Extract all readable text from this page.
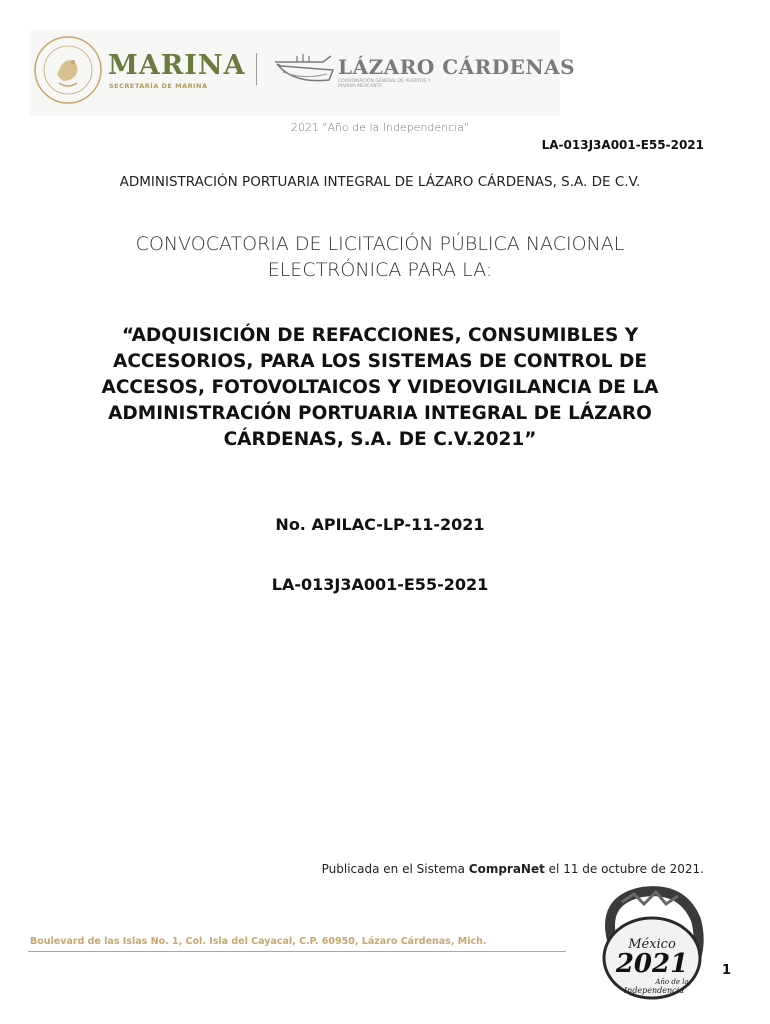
MARINA
SECRETARÍA DE MARINA
LÁZARO CÁRDENAS
COORDINACIÓN GENERAL DE PUERTOS Y MARINA MERCANTE
2021 "Año de la Independencia"
LA-013J3A001-E55-2021
ADMINISTRACIÓN PORTUARIA INTEGRAL DE LÁZARO CÁRDENAS, S.A. DE C.V.
CONVOCATORIA DE LICITACIÓN PÚBLICA NACIONAL
ELECTRÓNICA PARA LA:
“ADQUISICIÓN DE REFACCIONES, CONSUMIBLES Y ACCESORIOS, PARA LOS SISTEMAS DE CONTROL DE ACCESOS, FOTOVOLTAICOS Y VIDEOVIGILANCIA DE LA ADMINISTRACIÓN PORTUARIA INTEGRAL DE LÁZARO CÁRDENAS, S.A. DE C.V.2021”
No. APILAC-LP-11-2021
LA-013J3A001-E55-2021
Publicada en el Sistema CompraNet el 11 de octubre de 2021.
Boulevard de las Islas No. 1, Col. Isla del Cayacal, C.P. 60950, Lázaro Cárdenas, Mich.	México
2021
Año de la
Independencia
1
